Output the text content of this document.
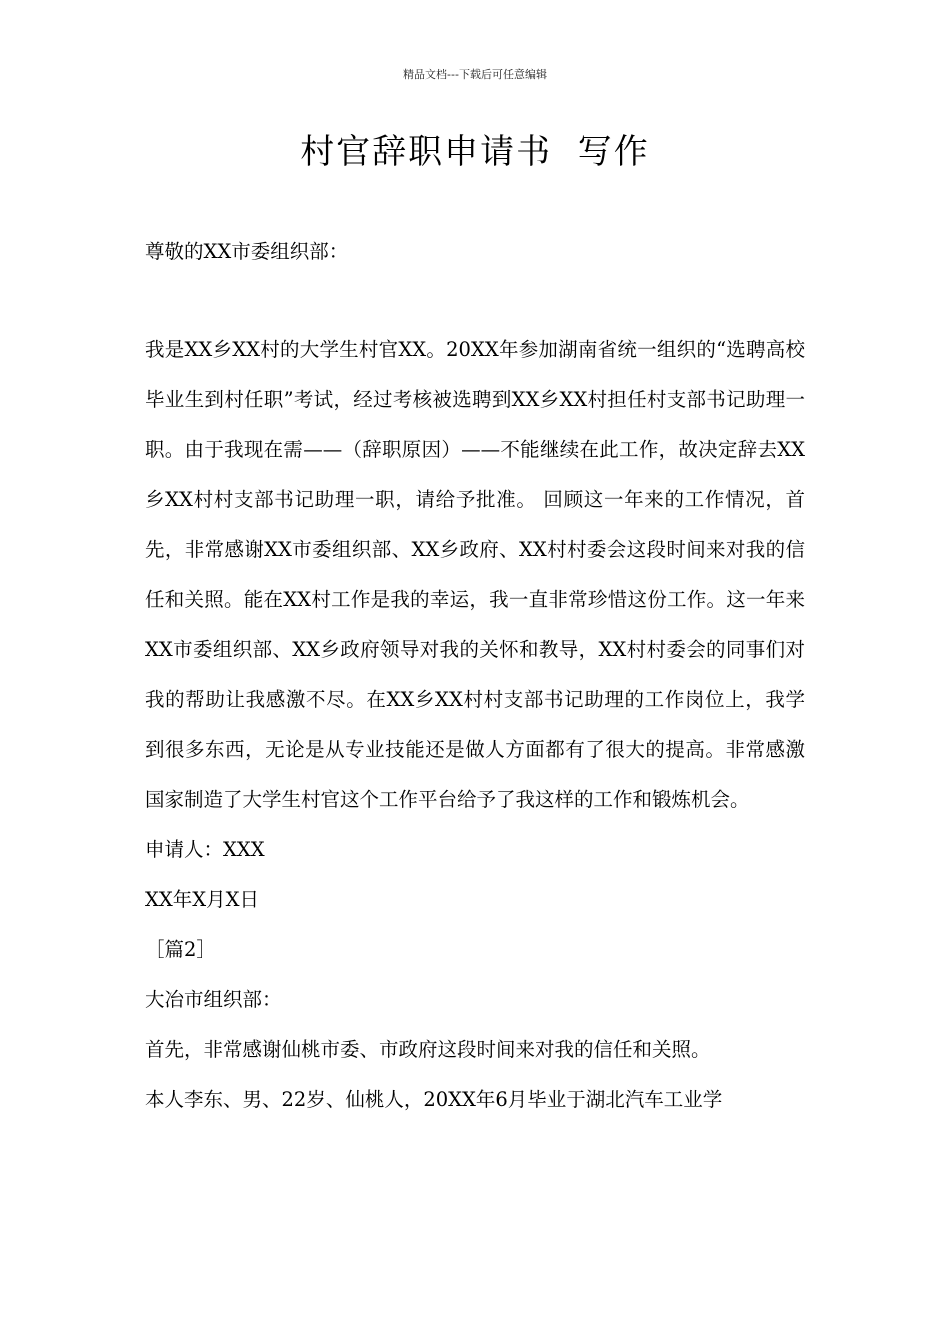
精品文档---下载后可任意编辑
村官辞职申请书  写作

尊敬的XX市委组织部：

我是XX乡XX村的大学生村官XX。20XX年参加湖南省统一组织的“选聘高校毕业生到村任职”考试，经过考核被选聘到XX乡XX村担任村支部书记助理一职。由于我现在需——（辞职原因）——不能继续在此工作，故决定辞去XX乡XX村村支部书记助理一职，请给予批准。 回顾这一年来的工作情况，首先，非常感谢XX市委组织部、XX乡政府、XX村村委会这段时间来对我的信任和关照。能在XX村工作是我的幸运，我一直非常珍惜这份工作。这一年来XX市委组织部、XX乡政府领导对我的关怀和教导，XX村村委会的同事们对我的帮助让我感激不尽。在XX乡XX村村支部书记助理的工作岗位上，我学到很多东西，无论是从专业技能还是做人方面都有了很大的提高。非常感激国家制造了大学生村官这个工作平台给予了我这样的工作和锻炼机会。

申请人：XXX

XX年X月X日

［篇2］

大冶市组织部：

首先，非常感谢仙桃市委、市政府这段时间来对我的信任和关照。

本人李东、男、22岁、仙桃人，20XX年6月毕业于湖北汽车工业学
